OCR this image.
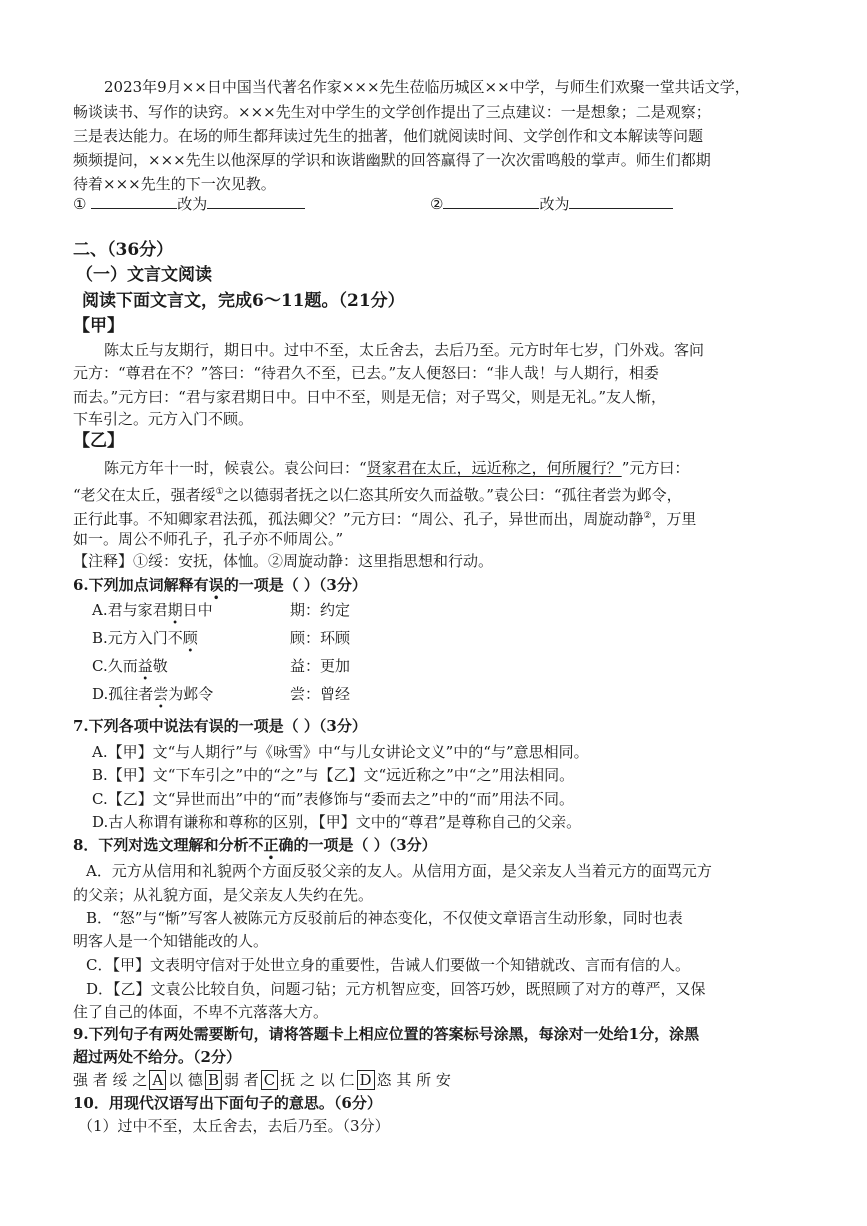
2023年9月××日中国当代著名作家×××先生莅临历城区××中学，与师生们欢聚一堂共话文学，
畅谈读书、写作的诀窍。×××先生对中学生的文学创作提出了三点建议：一是想象；二是观察；
三是表达能力。在场的师生都拜读过先生的拙著，他们就阅读时间、文学创作和文本解读等问题
频频提问，×××先生以他深厚的学识和诙谐幽默的回答赢得了一次次雷鸣般的掌声。师生们都期
待着×××先生的下一次见教。
①	改为	②	改为
二、（36分）
（一）文言文阅读
阅读下面文言文，完成6～11题。（21分）
【甲】
陈太丘与友期行，期日中。过中不至，太丘舍去，去后乃至。元方时年七岁，门外戏。客问
元方：“尊君在不？”答曰：“待君久不至，已去。”友人便怒曰：“非人哉！与人期行，相委
而去。”元方曰：“君与家君期日中。日中不至，则是无信；对子骂父，则是无礼。”友人惭，
下车引之。元方入门不顾。
【乙】
陈元方年十一时，候袁公。袁公问曰：“贤家君在太丘，远近称之，何所履行？”元方曰：
“老父在太丘，强者绥①之以德弱者抚之以仁恣其所安久而益敬。”袁公曰：“孤往者尝为邺令，
正行此事。不知卿家君法孤，孤法卿父？”元方曰：“周公、孔子，异世而出，周旋动静②，万里
如一。周公不师孔子，孔子亦不师周公。”
【注释】①绥：安抚，体恤。②周旋动静：这里指思想和行动。
6.下列加点词解释有误的一项是（ ）（3分）
A.君与家君期日中	期：约定
B.元方入门不顾	顾：环顾
C.久而益敬	益：更加
D.孤往者尝为邺令	尝：曾经
7.下列各项中说法有误的一项是（ ）（3分）
A.【甲】文“与人期行”与《咏雪》中“与儿女讲论文义”中的“与”意思相同。
B.【甲】文“下车引之”中的“之”与【乙】文“远近称之”中“之”用法相同。
C.【乙】文“异世而出”中的“而”表修饰与“委而去之”中的“而”用法不同。
D.古人称谓有谦称和尊称的区别，【甲】文中的“尊君”是尊称自己的父亲。
8．下列对选文理解和分析不正确的一项是（ ）（3分）
A．元方从信用和礼貌两个方面反驳父亲的友人。从信用方面，是父亲友人当着元方的面骂元方
的父亲；从礼貌方面，是父亲友人失约在先。
B．“怒”与“惭”写客人被陈元方反驳前后的神态变化，不仅使文章语言生动形象，同时也表
明客人是一个知错能改的人。
C．【甲】文表明守信对于处世立身的重要性，告诫人们要做一个知错就改、言而有信的人。
D．【乙】文袁公比较自负，问题刁钻；元方机智应变，回答巧妙，既照顾了对方的尊严，又保
住了自己的体面，不卑不亢落落大方。
9.下列句子有两处需要断句，请将答题卡上相应位置的答案标号涂黑，每涂对一处给1分，涂黑
超过两处不给分。（2分）
强 者 绥 之 A 以 德 B 弱 者 C 抚 之 以 仁 D 恣 其 所 安
10．用现代汉语写出下面句子的意思。（6分）
（1）过中不至，太丘舍去，去后乃至。（3分）
